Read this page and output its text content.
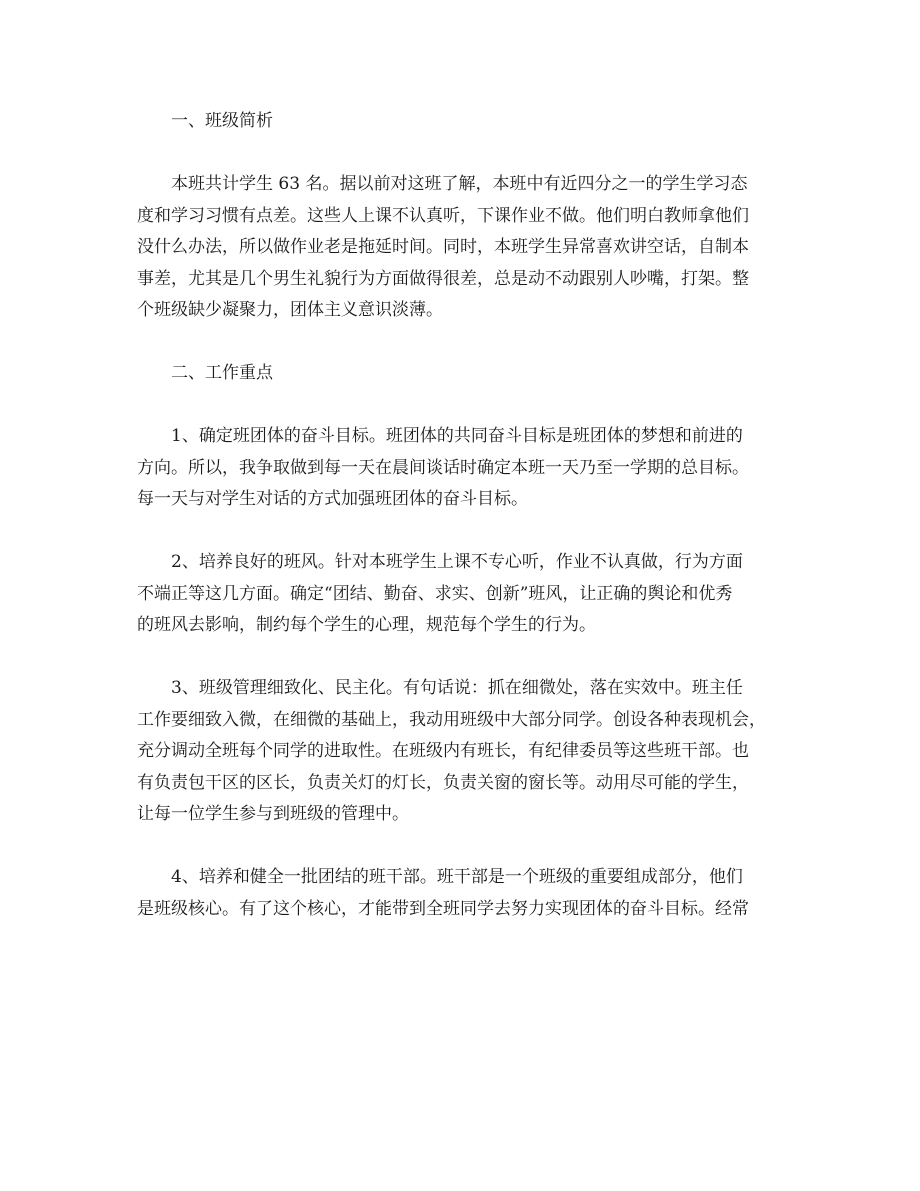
一、班级简析

本班共计学生 63 名。据以前对这班了解，本班中有近四分之一的学生学习态
度和学习习惯有点差。这些人上课不认真听，下课作业不做。他们明白教师拿他们
没什么办法，所以做作业老是拖延时间。同时，本班学生异常喜欢讲空话，自制本
事差，尤其是几个男生礼貌行为方面做得很差，总是动不动跟别人吵嘴，打架。整
个班级缺少凝聚力，团体主义意识淡薄。

二、工作重点

1、确定班团体的奋斗目标。班团体的共同奋斗目标是班团体的梦想和前进的
方向。所以，我争取做到每一天在晨间谈话时确定本班一天乃至一学期的总目标。
每一天与对学生对话的方式加强班团体的奋斗目标。

2、培养良好的班风。针对本班学生上课不专心听，作业不认真做，行为方面
不端正等这几方面。确定“团结、勤奋、求实、创新”班风，让正确的舆论和优秀
的班风去影响，制约每个学生的心理，规范每个学生的行为。

3、班级管理细致化、民主化。有句话说：抓在细微处，落在实效中。班主任
工作要细致入微，在细微的基础上，我动用班级中大部分同学。创设各种表现机会，
充分调动全班每个同学的进取性。在班级内有班长，有纪律委员等这些班干部。也
有负责包干区的区长，负责关灯的灯长，负责关窗的窗长等。动用尽可能的学生，
让每一位学生参与到班级的管理中。

4、培养和健全一批团结的班干部。班干部是一个班级的重要组成部分，他们
是班级核心。有了这个核心，才能带到全班同学去努力实现团体的奋斗目标。经常
